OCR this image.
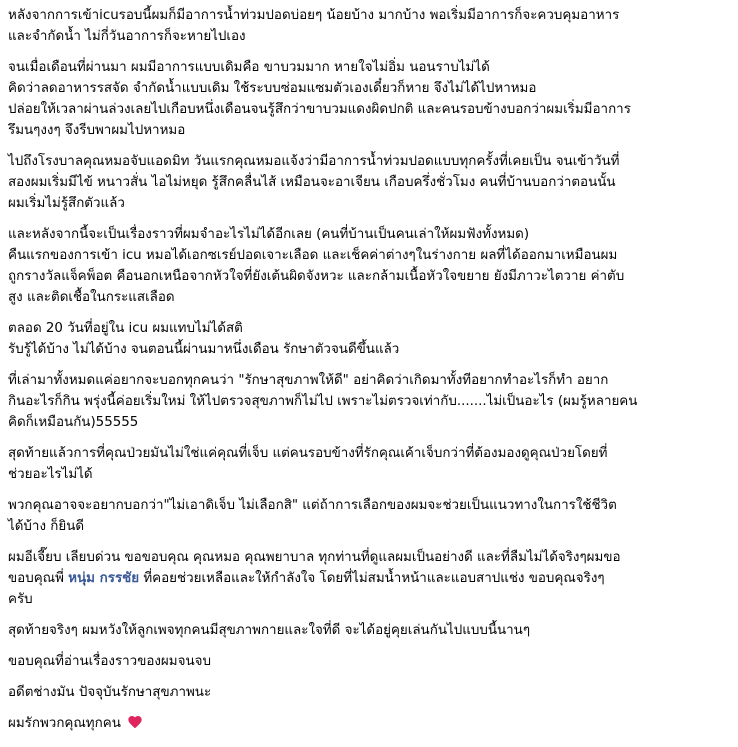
หลังจากการเข้าicuรอบนี้ผมก็มีอาการน้ำท่วมปอดบ่อยๆ น้อยบ้าง มากบ้าง พอเริ่มมีอาการก็จะควบคุมอาหาร
และจำกัดน้ำ ไม่กี่วันอาการก็จะหายไปเอง

จนเมื่อเดือนที่ผ่านมา ผมมีอาการแบบเดิมคือ ขาบวมมาก หายใจไม่อิ่ม นอนราบไม่ได้
คิดว่าลดอาหารรสจัด จำกัดน้ำแบบเดิม ใช้ระบบซ่อมแซมตัวเองเดี๋ยวก็หาย จึงไม่ได้ไปหาหมอ
ปล่อยให้เวลาผ่านล่วงเลยไปเกือบหนึ่งเดือนจนรู้สึกว่าขาบวมแดงผิดปกติ และคนรอบข้างบอกว่าผมเริ่มมีอาการ
รึมนๆงงๆ จึงรีบพาผมไปหาหมอ

ไปถึงโรงบาลคุณหมอจับแอดมิท วันแรกคุณหมอแจ้งว่ามีอาการน้ำท่วมปอดแบบทุกครั้งที่เคยเป็น จนเข้าวันที่
สองผมเริ่มมีไข้ หนาวสั่น ไอไม่หยุด รู้สึกคลื่นไส้ เหมือนจะอาเจียน เกือบครึ่งชั่วโมง คนที่บ้านบอกว่าตอนนั้น
ผมเริ่มไม่รู้สึกตัวแล้ว

และหลังจากนี้จะเป็นเรื่องราวที่ผมจำอะไรไม่ได้อีกเลย (คนที่บ้านเป็นคนเล่าให้ผมฟังทั้งหมด)
คืนแรกของการเข้า icu หมอได้เอกซเรย์ปอดเจาะเลือด และเช็คค่าต่างๆในร่างกาย ผลที่ได้ออกมาเหมือนผม
ถูกรางวัลแจ็คพ็อต คือนอกเหนือจากหัวใจที่ยังเต้นผิดจังหวะ และกล้ามเนื้อหัวใจขยาย ยังมีภาวะไตวาย ค่าตับ
สูง และติดเชื้อในกระแสเลือด

ตลอด 20 วันที่อยู่ใน icu ผมแทบไม่ได้สติ
รับรู้ได้บ้าง ไม่ได้บ้าง จนตอนนี้ผ่านมาหนึ่งเดือน รักษาตัวจนดีขึ้นแล้ว

ที่เล่ามาทั้งหมดแค่อยากจะบอกทุกคนว่า "รักษาสุขภาพให้ดี" อย่าคิดว่าเกิดมาทั้งทีอยากทำอะไรก็ทำ อยาก
กินอะไรก็กิน พรุ่งนี้ค่อยเริ่มใหม่ ให้ไปตรวจสุขภาพก็ไม่ไป เพราะไม่ตรวจเท่ากับ.......ไม่เป็นอะไร (ผมรู้หลายคน
คิดก็เหมือนกัน)55555

สุดท้ายแล้วการที่คุณป่วยมันไม่ใช่แค่คุณที่เจ็บ แต่คนรอบข้างที่รักคุณเค้าเจ็บกว่าที่ต้องมองดูคุณป่วยโดยที่
ช่วยอะไรไม่ได้

พวกคุณอาจจะอยากบอกว่า"ไม่เอาดิเจ็บ ไม่เลือกสิ" แต่ถ้าการเลือกของผมจะช่วยเป็นแนวทางในการใช้ชีวิต
ได้บ้าง ก็ยินดี

ผมอีเจี๊ยบ เลียบด่วน ขอขอบคุณ คุณหมอ คุณพยาบาล ทุกท่านที่ดูแลผมเป็นอย่างดี และที่ลืมไม่ได้จริงๆผมขอ
ขอบคุณพี่ หนุ่ม กรรชัย ที่คอยช่วยเหลือและให้กำลังใจ โดยที่ไม่สมน้ำหน้าและแอบสาปแช่ง ขอบคุณจริงๆ
ครับ

สุดท้ายจริงๆ ผมหวังให้ลูกเพจทุกคนมีสุขภาพกายและใจที่ดี จะได้อยู่คุยเล่นกันไปแบบนี้นานๆ

ขอบคุณที่อ่านเรื่องราวของผมจนจบ

อดีตช่างมัน ปัจจุบันรักษาสุขภาพนะ

ผมรักพวกคุณทุกคน
